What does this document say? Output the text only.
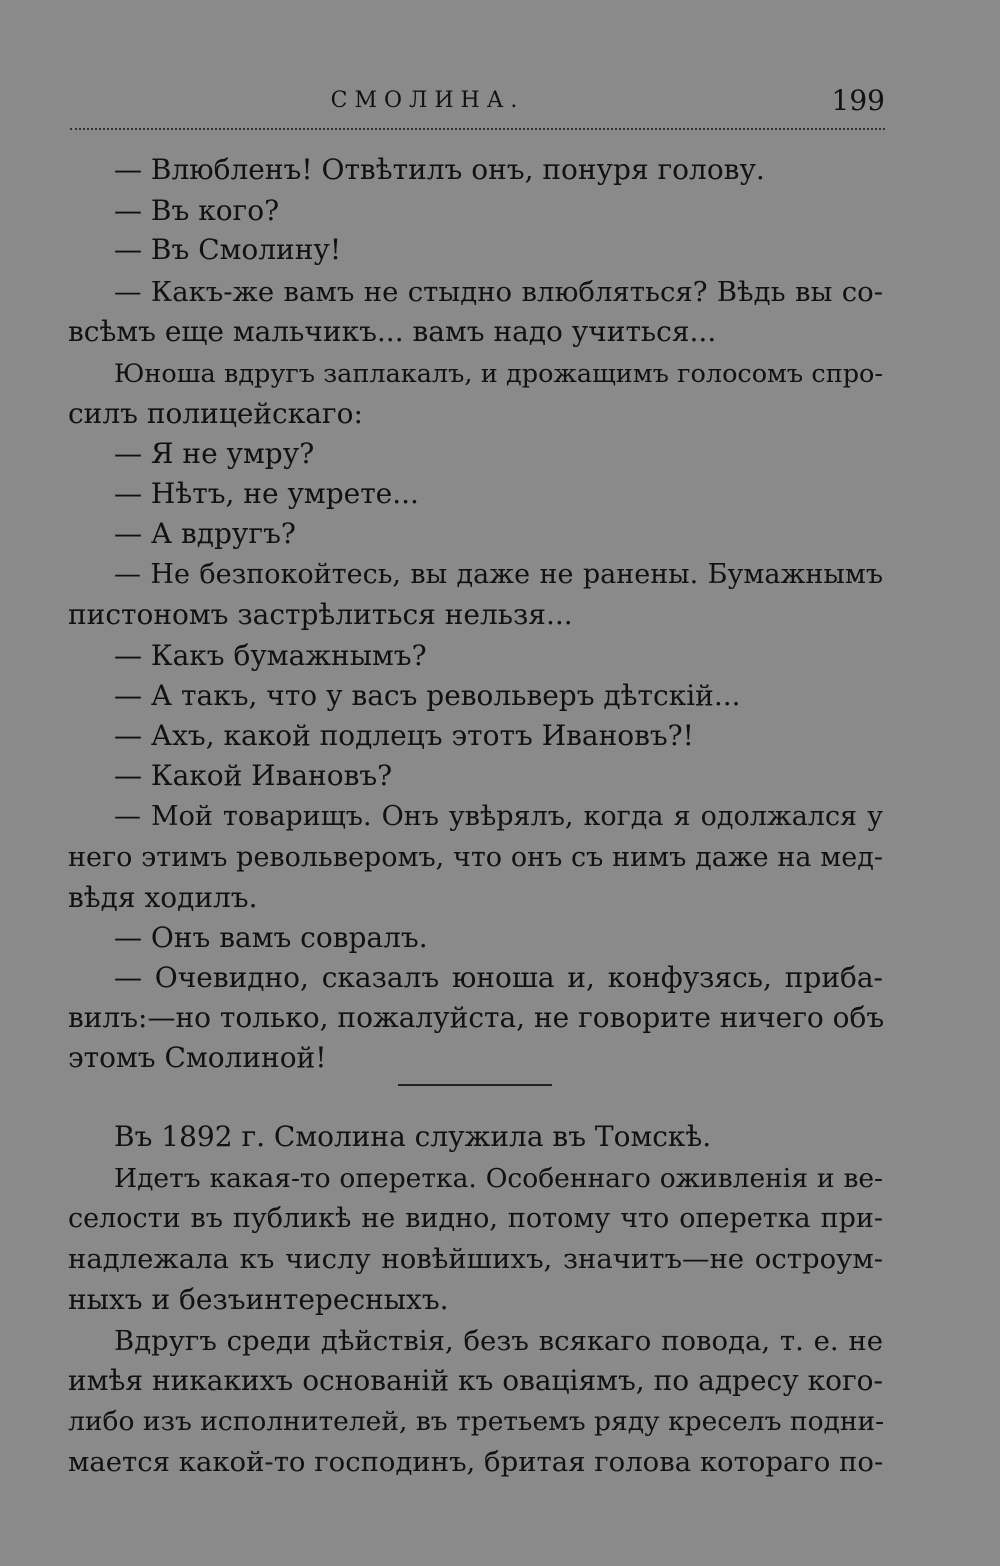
СМОЛИНА.	199
— Влюбленъ! Отвѣтилъ онъ, понуря голову.
— Въ кого?
— Въ Смолину!
— Какъ-же вамъ не стыдно влюбляться? Вѣдь вы со-
всѣмъ еще мальчикъ... вамъ надо учиться...
Юноша вдругъ заплакалъ, и дрожащимъ голосомъ спро-
силъ полицейскаго:
— Я не умру?
— Нѣтъ, не умрете...
— А вдругъ?
— Не безпокойтесь, вы даже не ранены. Бумажнымъ
пистономъ застрѣлиться нельзя...
— Какъ бумажнымъ?
— А такъ, что у васъ револьверъ дѣтскій...
— Ахъ, какой подлецъ этотъ Ивановъ?!
— Какой Ивановъ?
— Мой товарищъ. Онъ увѣрялъ, когда я одолжался у
него этимъ револьверомъ, что онъ съ нимъ даже на мед-
вѣдя ходилъ.
— Онъ вамъ совралъ.
— Очевидно, сказалъ юноша и, конфузясь, приба-
вилъ:—но только, пожалуйста, не говорите ничего объ
этомъ Смолиной!
Въ 1892 г. Смолина служила въ Томскѣ.
Идетъ какая-то оперетка. Особеннаго оживленія и ве-
селости въ публикѣ не видно, потому что оперетка при-
надлежала къ числу новѣйшихъ, значитъ—не остроум-
ныхъ и безъинтересныхъ.
Вдругъ среди дѣйствія, безъ всякаго повода, т. е. не
имѣя никакихъ основаній къ оваціямъ, по адресу кого-
либо изъ исполнителей, въ третьемъ ряду креселъ подни-
мается какой-то господинъ, бритая голова котораго по-
